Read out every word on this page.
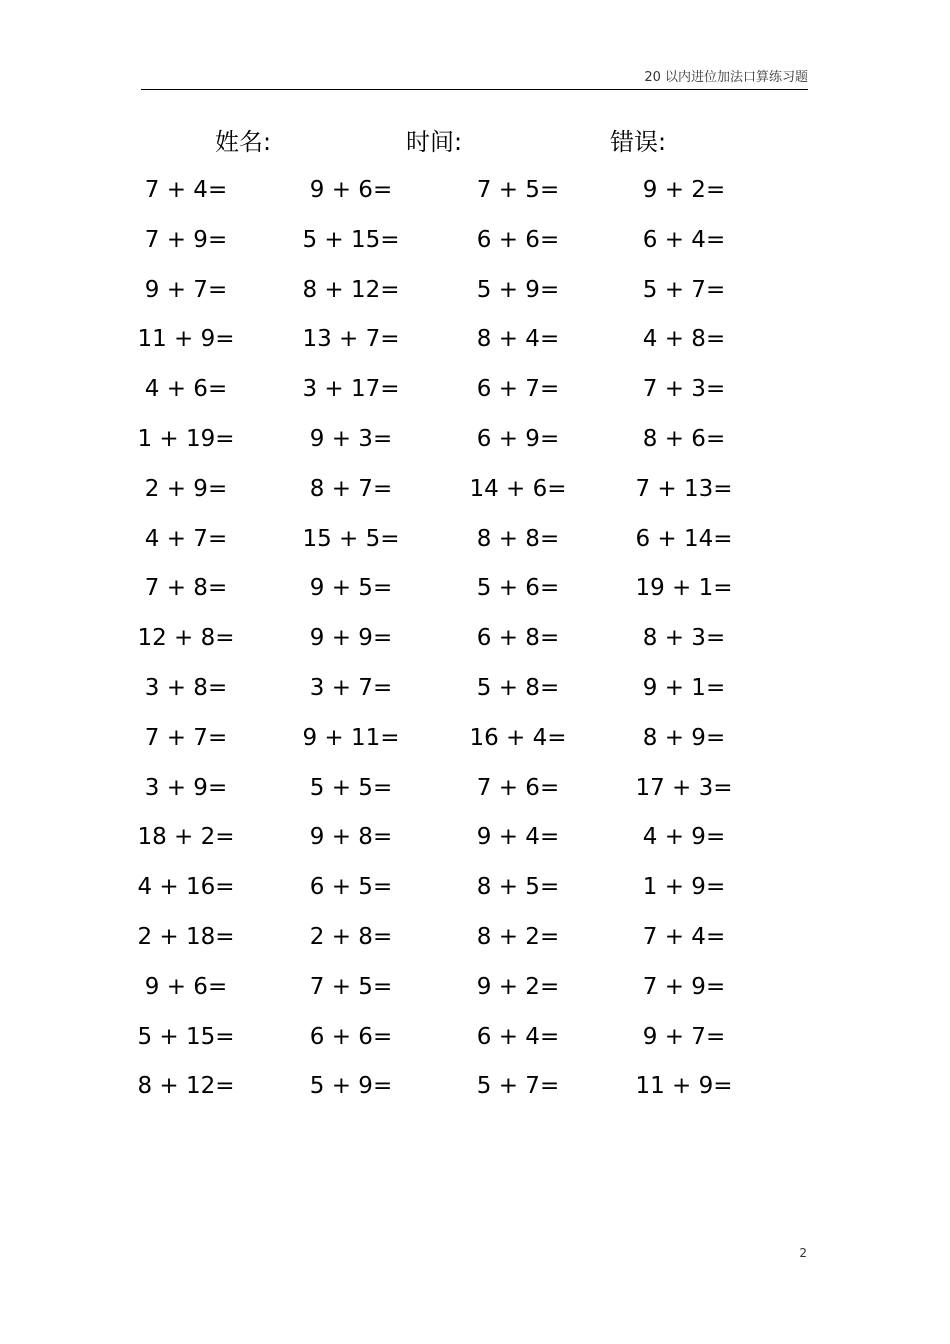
20 以内进位加法口算练习题
姓名:	时间:	错误:
7 + 4=	9 + 6=	7 + 5=	9 + 2=
7 + 9=	5 + 15=	6 + 6=	6 + 4=
9 + 7=	8 + 12=	5 + 9=	5 + 7=
11 + 9=	13 + 7=	8 + 4=	4 + 8=
4 + 6=	3 + 17=	6 + 7=	7 + 3=
1 + 19=	9 + 3=	6 + 9=	8 + 6=
2 + 9=	8 + 7=	14 + 6=	7 + 13=
4 + 7=	15 + 5=	8 + 8=	6 + 14=
7 + 8=	9 + 5=	5 + 6=	19 + 1=
12 + 8=	9 + 9=	6 + 8=	8 + 3=
3 + 8=	3 + 7=	5 + 8=	9 + 1=
7 + 7=	9 + 11=	16 + 4=	8 + 9=
3 + 9=	5 + 5=	7 + 6=	17 + 3=
18 + 2=	9 + 8=	9 + 4=	4 + 9=
4 + 16=	6 + 5=	8 + 5=	1 + 9=
2 + 18=	2 + 8=	8 + 2=	7 + 4=
9 + 6=	7 + 5=	9 + 2=	7 + 9=
5 + 15=	6 + 6=	6 + 4=	9 + 7=
8 + 12=	5 + 9=	5 + 7=	11 + 9=
2
